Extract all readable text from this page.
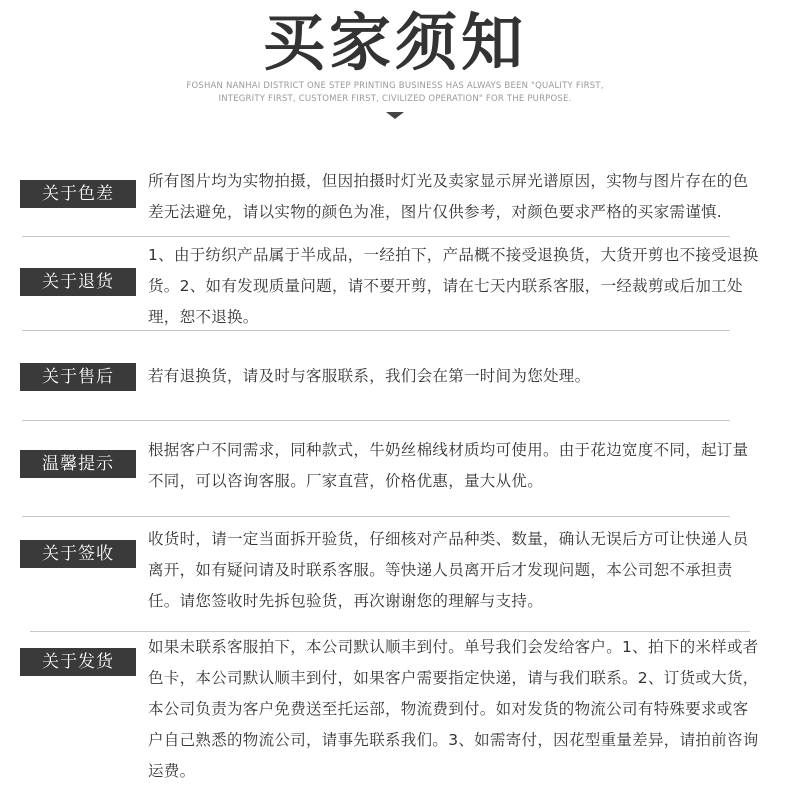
买家须知
FOSHAN NANHAI DISTRICT ONE STEP PRINTING BUSINESS HAS ALWAYS BEEN "QUALITY FIRST, INTEGRITY FIRST, CUSTOMER FIRST, CIVILIZED OPERATION" FOR THE PURPOSE.
关于色差
所有图片均为实物拍摄，但因拍摄时灯光及卖家显示屏光谱原因，实物与图片存在的色差无法避免，请以实物的颜色为准，图片仅供参考，对颜色要求严格的买家需谨慎.
关于退货
1、由于纺织产品属于半成品，一经拍下，产品概不接受退换货，大货开剪也不接受退换货。2、如有发现质量问题，请不要开剪，请在七天内联系客服，一经裁剪或后加工处理，恕不退换。
关于售后	若有退换货，请及时与客服联系，我们会在第一时间为您处理。
温馨提示
根据客户不同需求，同种款式，牛奶丝棉线材质均可使用。由于花边宽度不同，起订量不同，可以咨询客服。厂家直营，价格优惠，量大从优。
关于签收
收货时，请一定当面拆开验货，仔细核对产品种类、数量，确认无误后方可让快递人员离开，如有疑问请及时联系客服。等快递人员离开后才发现问题，本公司恕不承担责任。请您签收时先拆包验货，再次谢谢您的理解与支持。
关于发货
如果未联系客服拍下，本公司默认顺丰到付。单号我们会发给客户。1、拍下的米样或者色卡，本公司默认顺丰到付，如果客户需要指定快递，请与我们联系。2、订货或大货，本公司负责为客户免费送至托运部，物流费到付。如对发货的物流公司有特殊要求或客户自己熟悉的物流公司，请事先联系我们。3、如需寄付，因花型重量差异，请拍前咨询运费。
